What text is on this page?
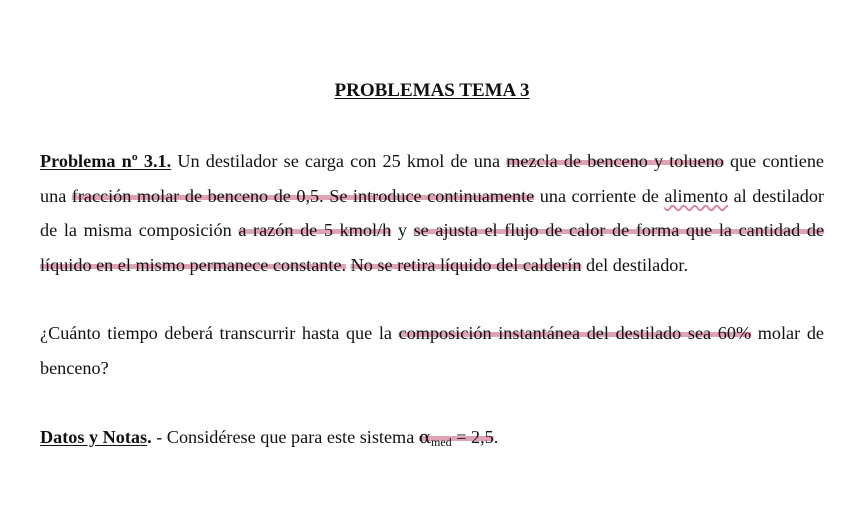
PROBLEMAS TEMA 3

Problema nº 3.1. Un destilador se carga con 25 kmol de una mezcla de benceno y tolueno que contiene una fracción molar de benceno de 0,5. Se introduce continuamente una corriente de alimento al destilador de la misma composición a razón de 5 kmol/h y se ajusta el flujo de calor de forma que la cantidad de líquido en el mismo permanece constante. No se retira líquido del calderín del destilador.

¿Cuánto tiempo deberá transcurrir hasta que la composición instantánea del destilado sea 60% molar de benceno?

Datos y Notas. - Considérese que para este sistema $\alpha_{med} = 2,5$.
